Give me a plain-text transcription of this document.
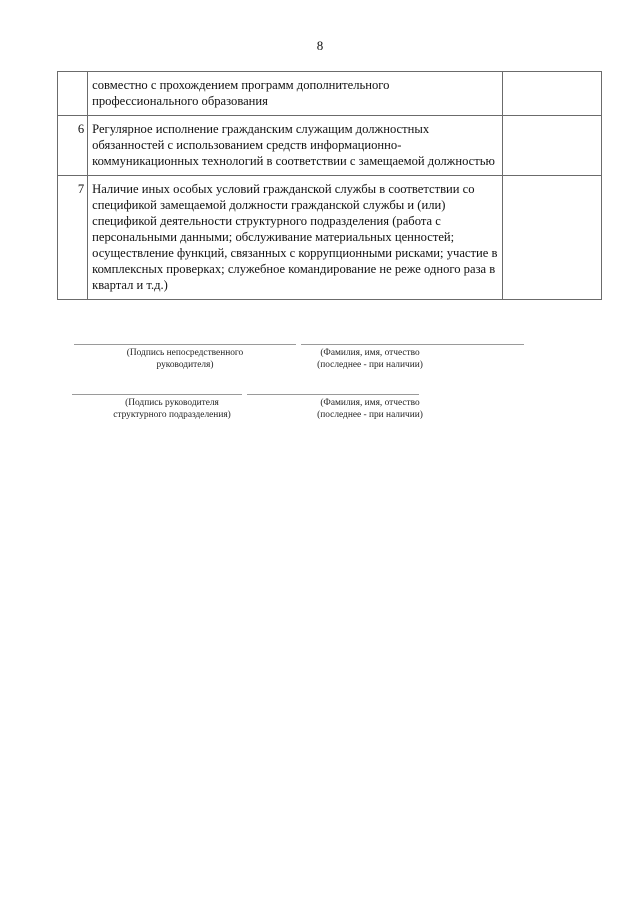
8
	совместно с прохождением программ дополнительного профессионального образования	
6	Регулярное исполнение гражданским служащим должностных обязанностей с использованием средств информационно-коммуникационных технологий в соответствии с замещаемой должностью	
7	Наличие иных особых условий гражданской службы в соответствии со спецификой замещаемой должности гражданской службы и (или) спецификой деятельности структурного подразделения (работа с персональными данными; обслуживание материальных ценностей; осуществление функций, связанных с коррупционными рисками; участие в комплексных проверках; служебное командирование не реже одного раза в квартал и т.д.)	
(Подпись непосредственного
руководителя)
(Фамилия, имя, отчество
(последнее - при наличии)
(Подпись руководителя
структурного подразделения)
(Фамилия, имя, отчество
(последнее - при наличии)
